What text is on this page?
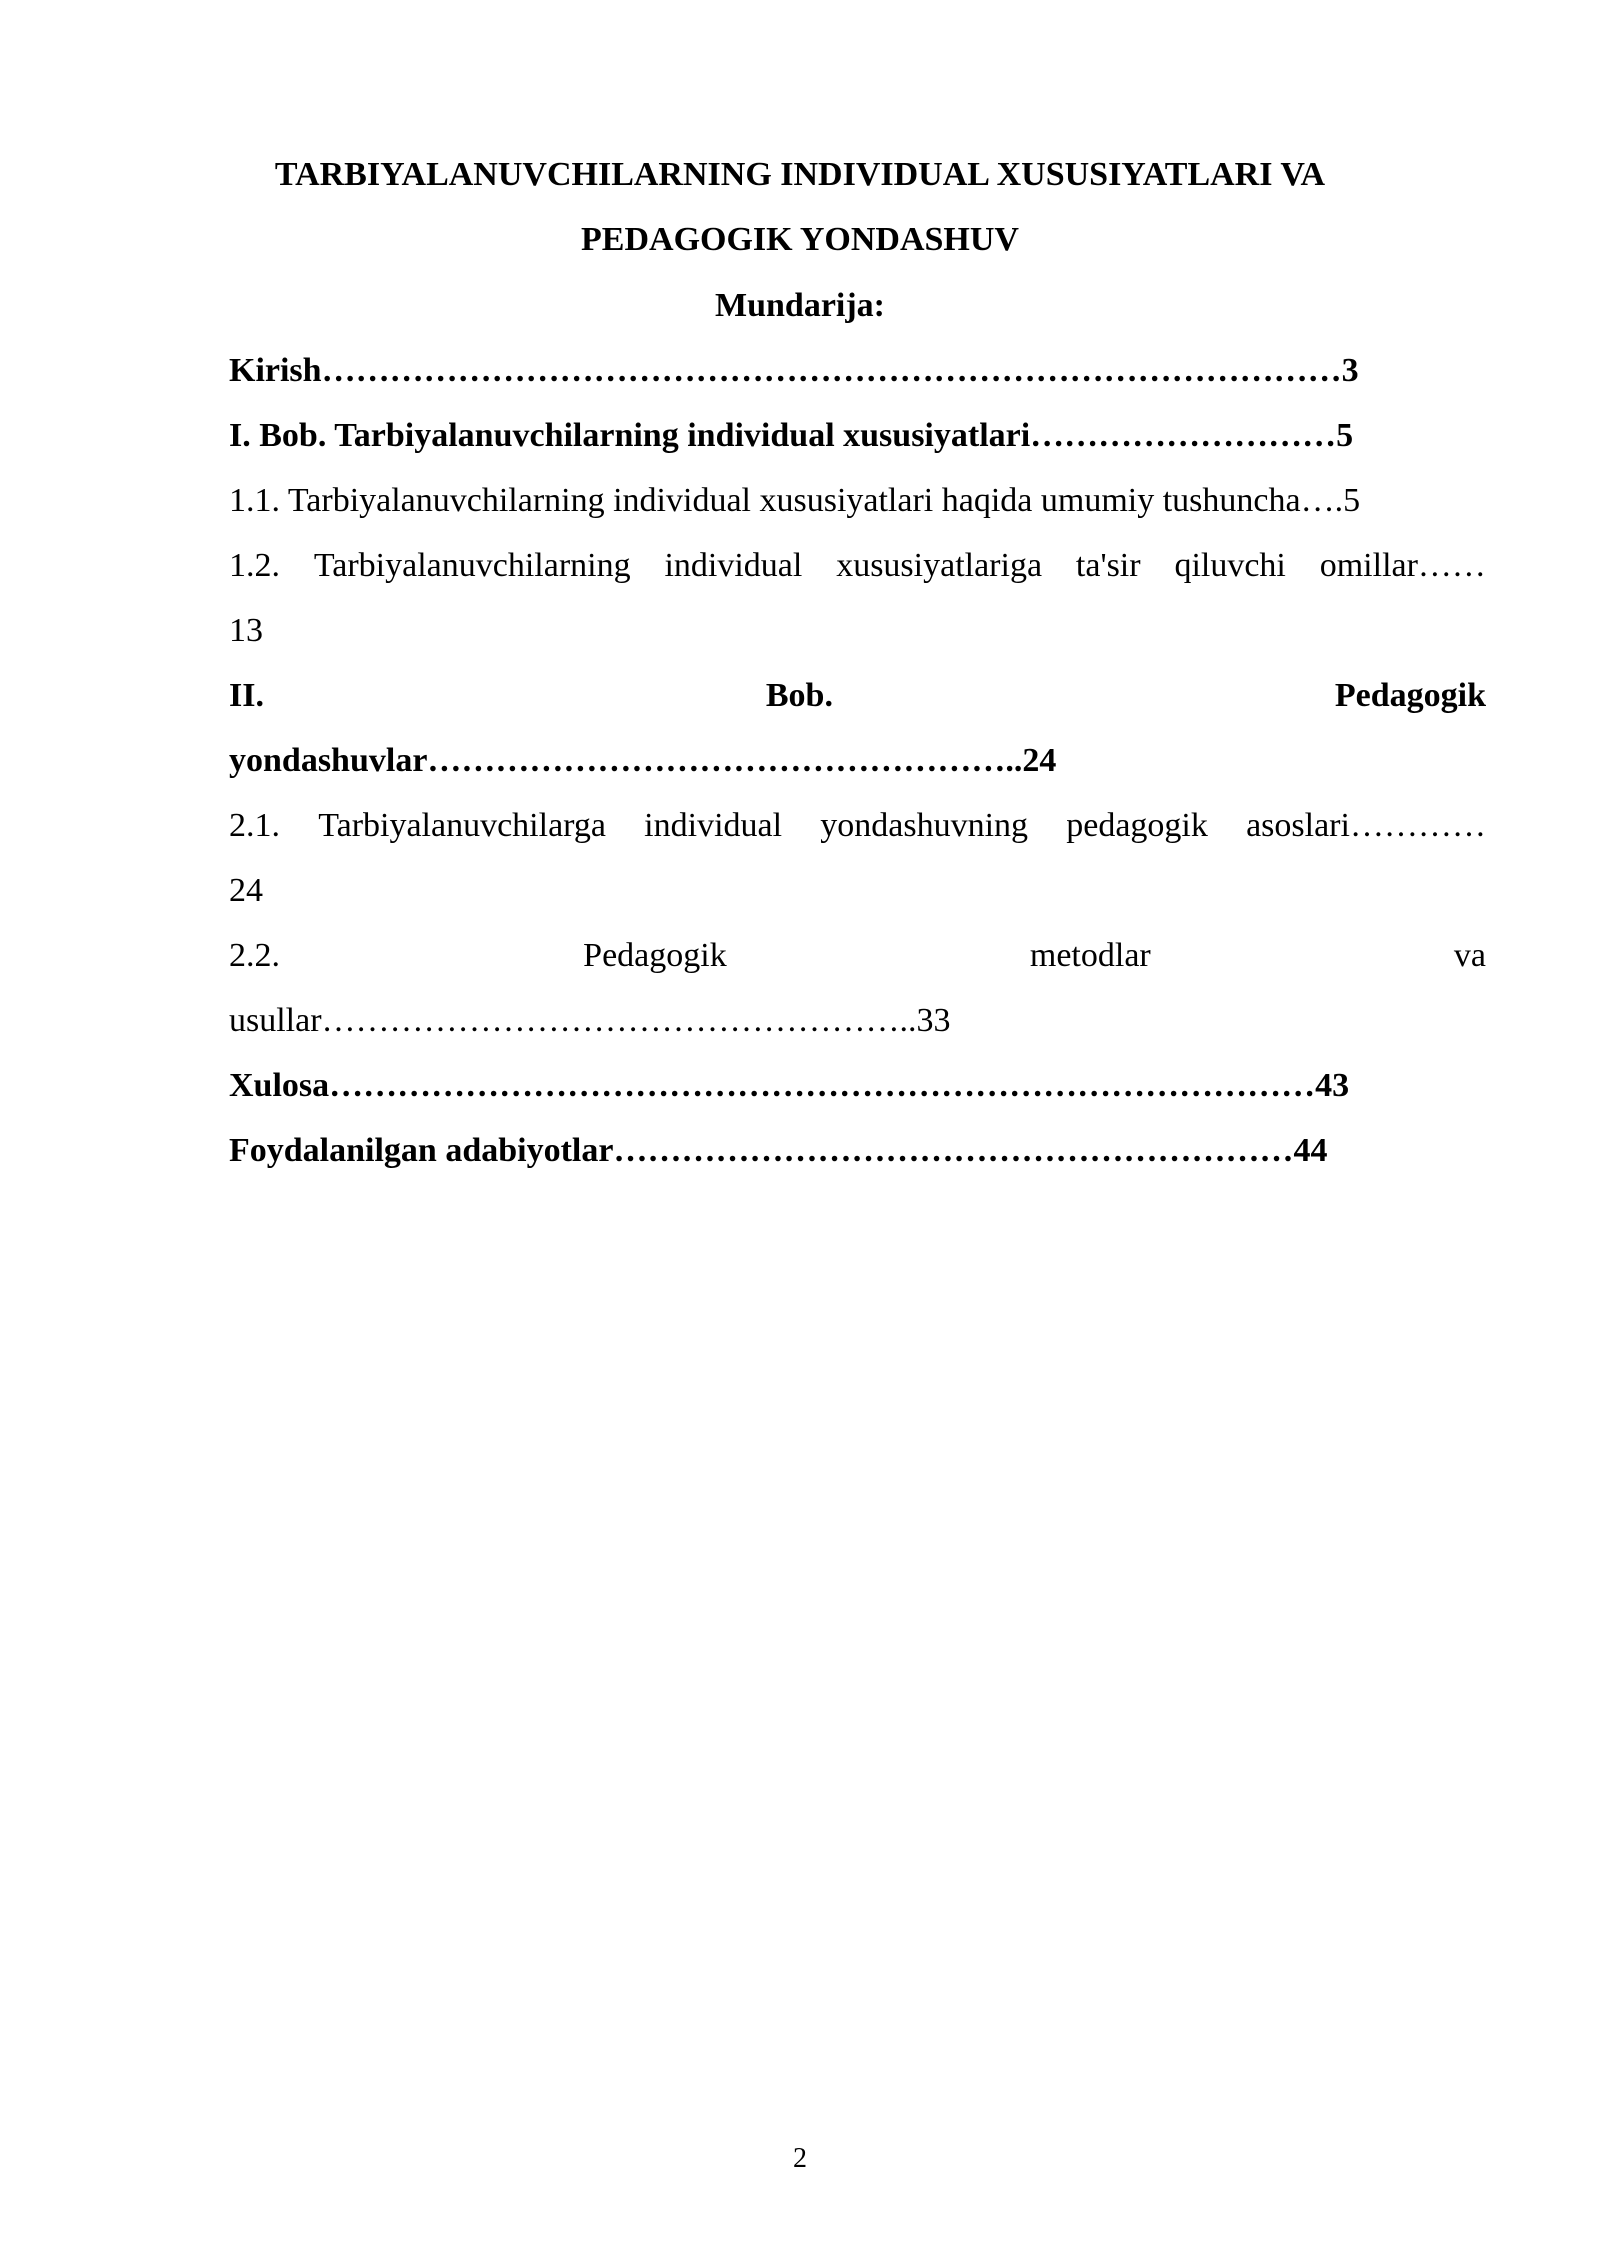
TARBIYALANUVCHILARNING INDIVIDUAL XUSUSIYATLARI VA
PEDAGOGIK YONDASHUV
Mundarija:
Kirish………………………………………………………………………………3
I. Bob. Tarbiyalanuvchilarning individual xususiyatlari………………………5
1.1. Tarbiyalanuvchilarning individual xususiyatlari haqida umumiy tushuncha….5
1.2. Tarbiyalanuvchilarning individual xususiyatlariga ta'sir qiluvchi omillar……
13
II.	Bob.	Pedagogik
yondashuvlar……………………………………………..24
2.1. Tarbiyalanuvchilarga individual yondashuvning pedagogik asoslari…………
24
2.2.	Pedagogik	metodlar	va
usullar……………………………………………..33
Xulosa……………………………………………………………………………43
Foydalanilgan adabiyotlar……………………………………………………44
2
